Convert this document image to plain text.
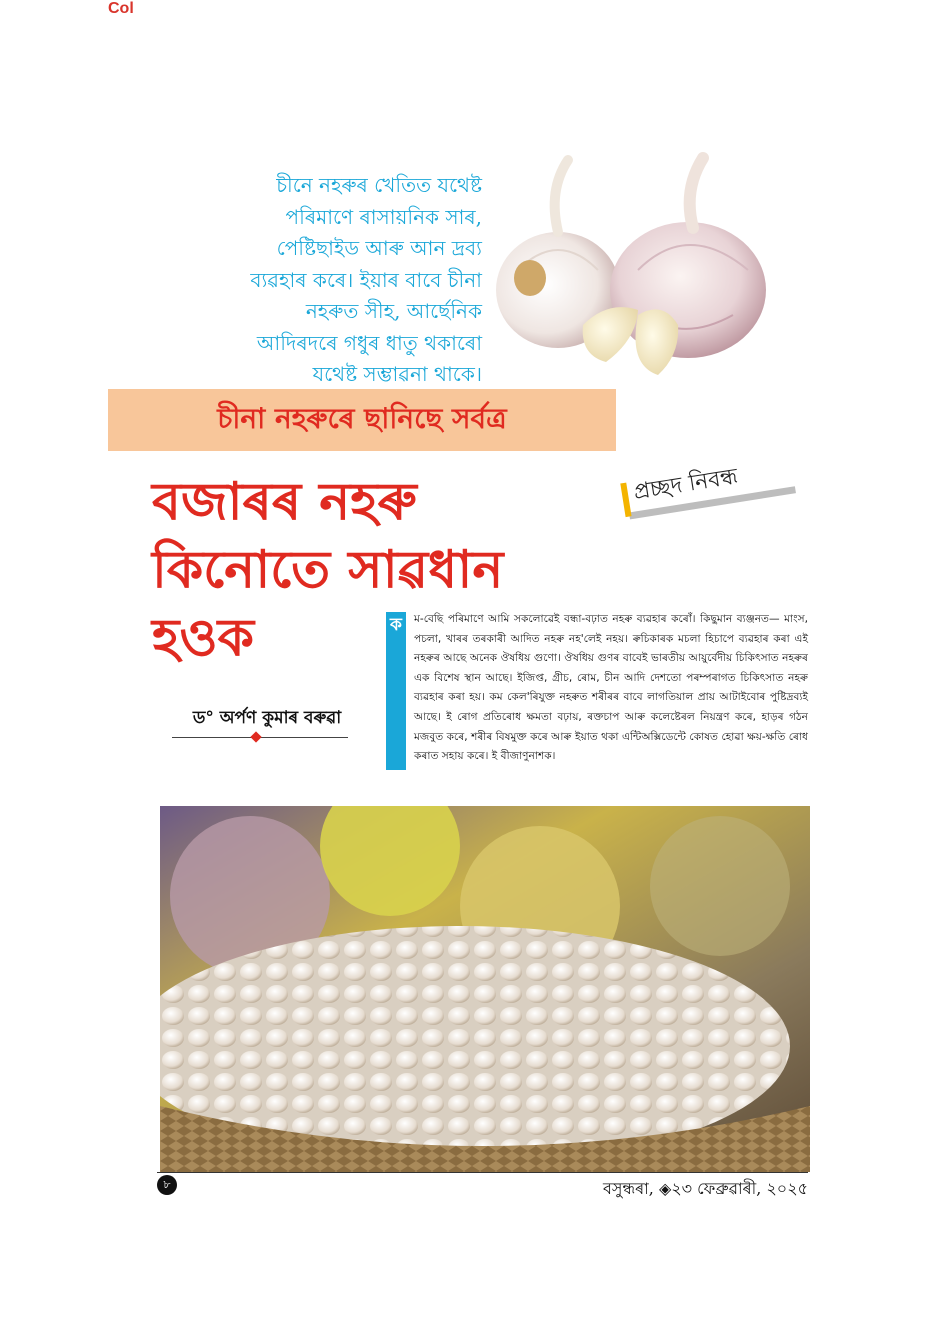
Col
চীনে নহৰুৰ খেতিত যথেষ্ট
পৰিমাণে ৰাসায়নিক সাৰ,
পেষ্টিছাইড আৰু আন দ্ৰব্য
ব্যৱহাৰ কৰে। ইয়াৰ বাবে চীনা
নহৰুত সীহ, আৰ্ছেনিক
আদিৰদৰে গধুৰ ধাতু থকাৰো
যথেষ্ট সম্ভাৱনা থাকে।
চীনা নহৰুৰে ছানিছে সৰ্বত্ৰ
বজাৰৰ নহৰু
কিনোতে সাৱধান
হওক
প্ৰচ্ছদ নিবন্ধ
ড° অৰ্পণ কুমাৰ বৰুৱা
ক	ম-বেছি পৰিমাণে আমি সকলোৱেই বন্ধা-বঢ়াত নহৰু ব্যৱহাৰ কৰোঁ। কিছুমান ব্যঞ্জনত— মাংস, পচলা, খাৰৰ তৰকাৰী আদিত নহৰু নহ'লেই নহয়। ৰুচিকাৰক মচলা হিচাপে ব্যৱহাৰ কৰা এই নহৰুৰ আছে অনেক ঔষধিয় গুণো। ঔষধিয় গুণৰ বাবেই ভাৰতীয় আয়ুৰ্বেদীয় চিকিৎসাত নহৰুৰ এক বিশেষ স্থান আছে। ইজিপ্ত, গ্ৰীচ, ৰোম, চীন আদি দেশতো পৰম্পৰাগত চিকিৎসাত নহৰু ব্যৱহাৰ কৰা হয়। কম কেল'ৰিযুক্ত নহৰুত শৰীৰৰ বাবে লাগতিয়াল প্ৰায় আটাইবোৰ পুষ্টিদ্ৰব্যই আছে। ই ৰোগ প্ৰতিৰোধ ক্ষমতা বঢ়ায়, ৰক্তচাপ আৰু কলেষ্টেৰল নিয়ন্ত্ৰণ কৰে, হাড়ৰ গঠন মজবুত কৰে, শৰীৰ বিষমুক্ত কৰে আৰু ইয়াত থকা এন্টিঅক্সিডেন্টে কোষত হোৱা ক্ষয়-ক্ষতি ৰোধ কৰাত সহায় কৰে। ই বীজাণুনাশক।
৮	বসুন্ধৰা, ◈২৩ ফেব্ৰুৱাৰী, ২০২৫
